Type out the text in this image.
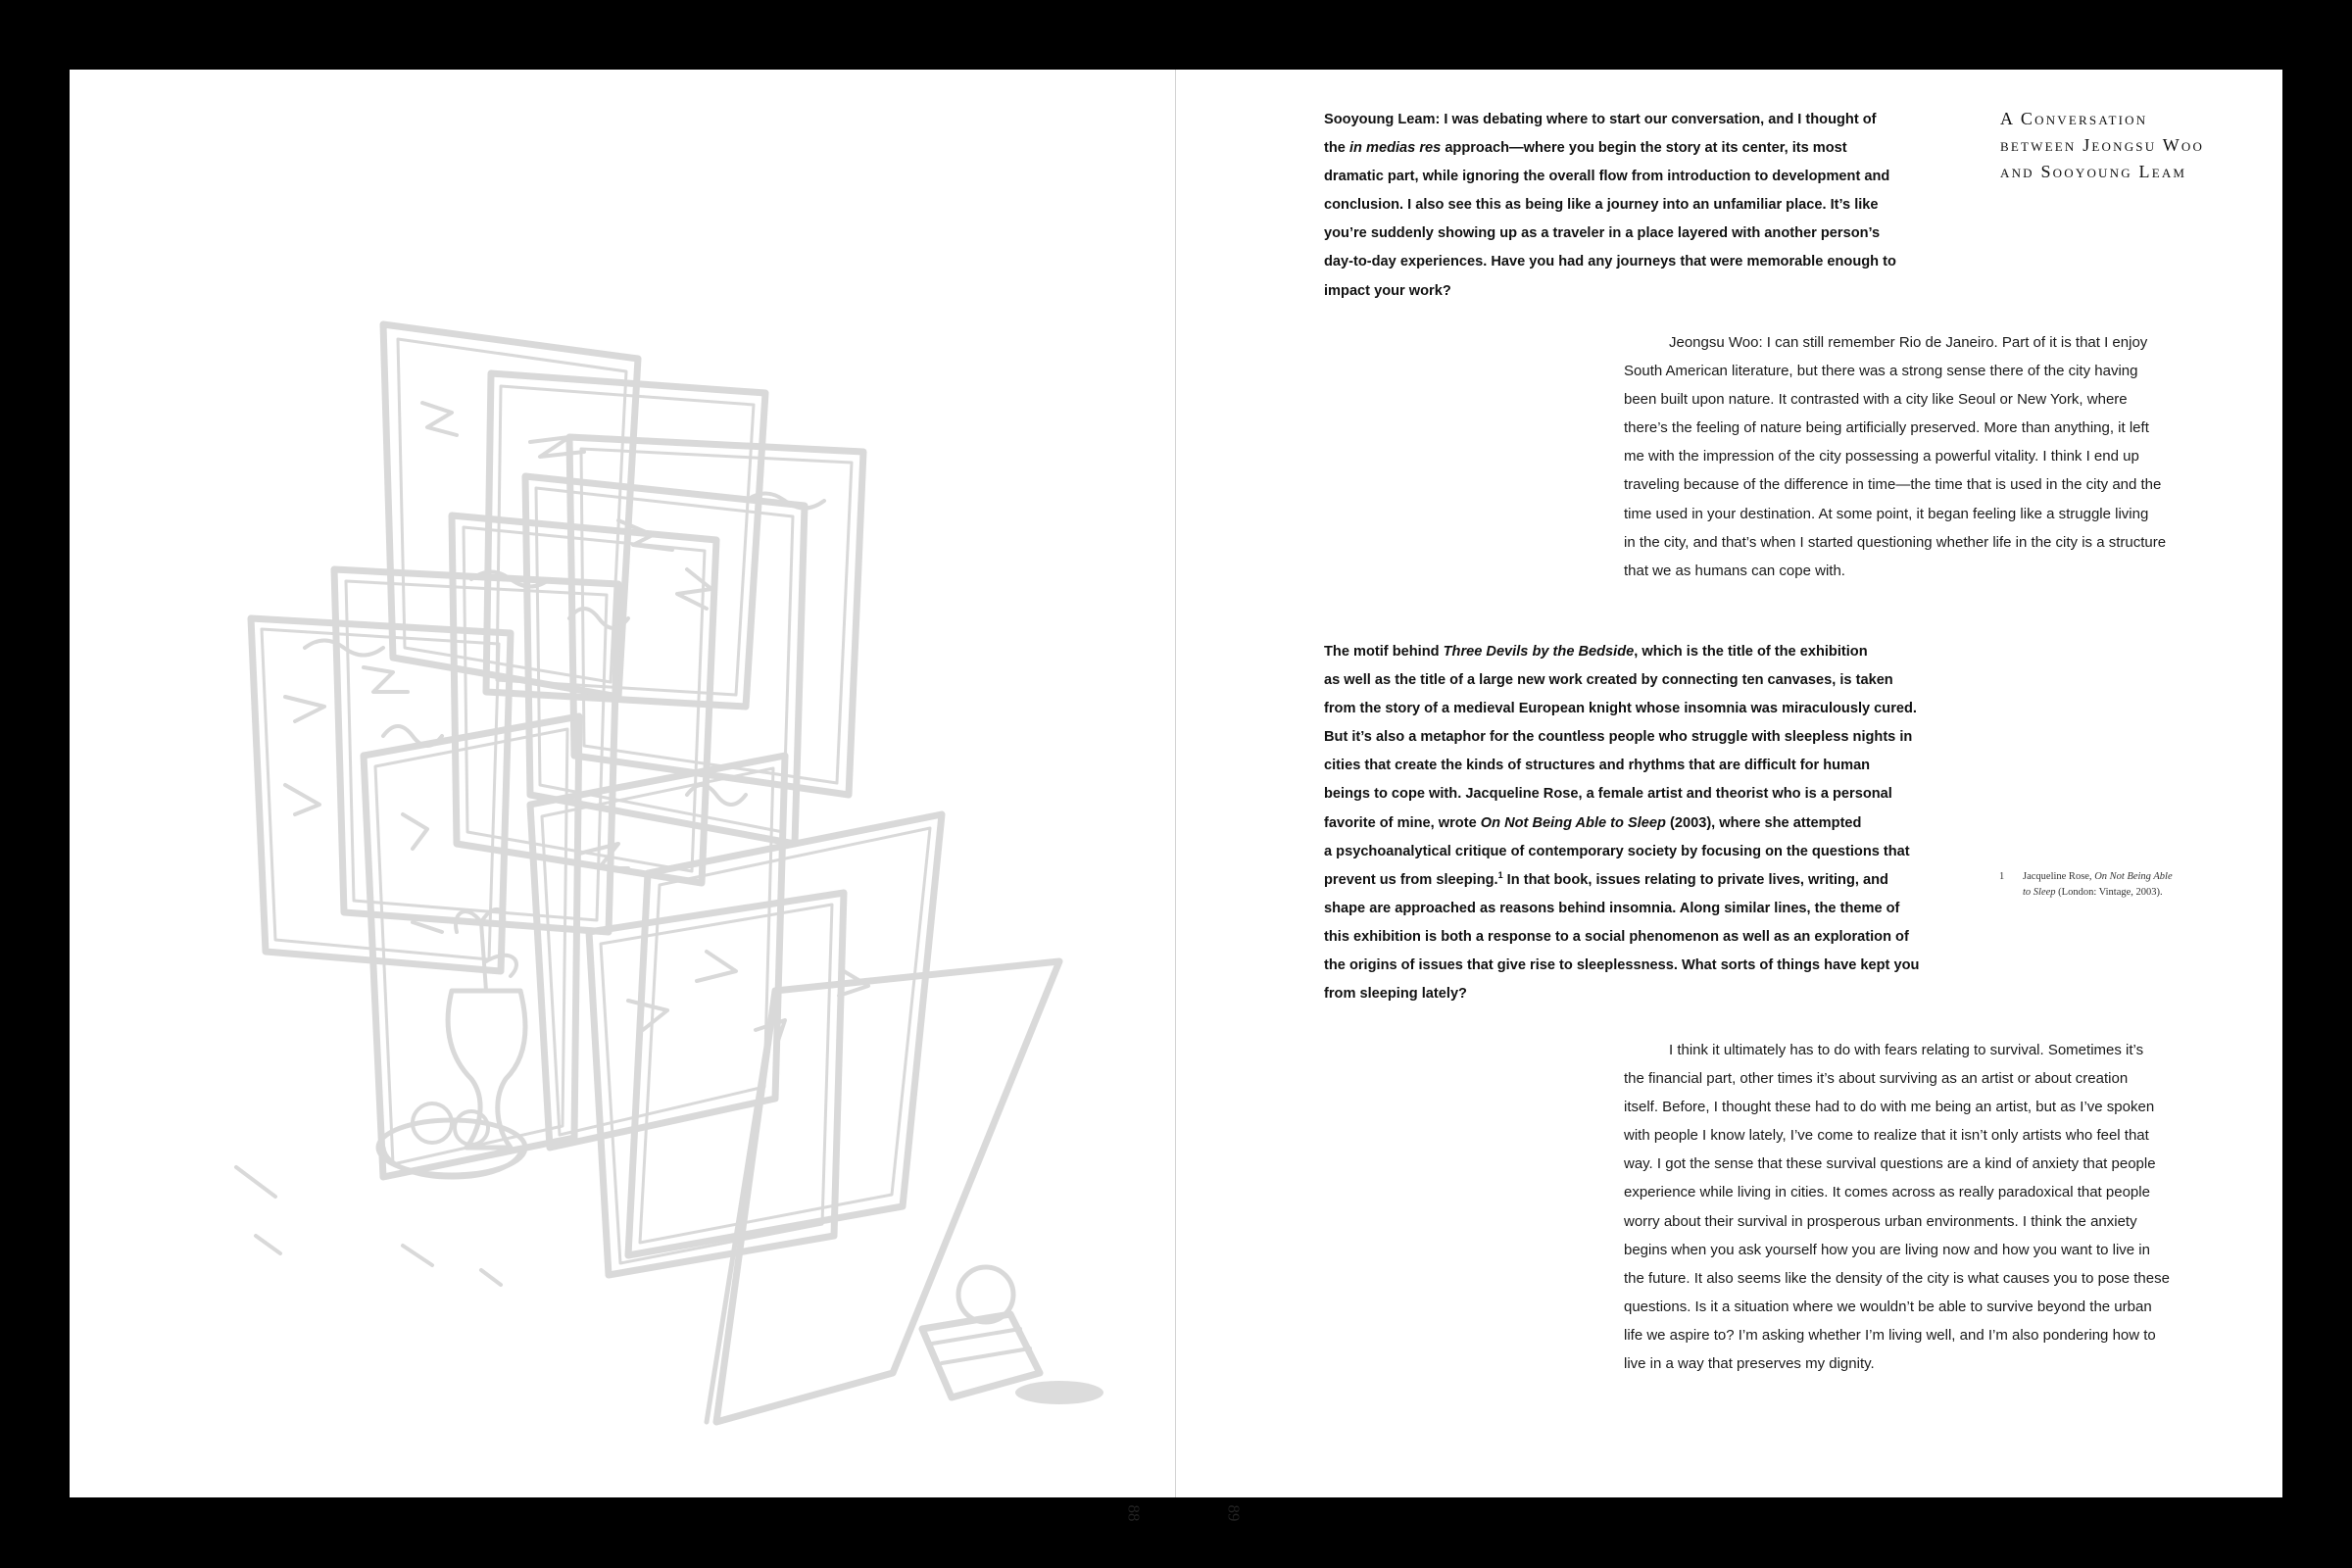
88	89
A Conversation
between Jeongsu Woo
and Sooyoung Leam
Sooyoung Leam: I was debating where to start our conversation, and I thought of
the in medias res approach—where you begin the story at its center, its most
dramatic part, while ignoring the overall flow from introduction to development and
conclusion. I also see this as being like a journey into an unfamiliar place. It’s like
you’re suddenly showing up as a traveler in a place layered with another person’s
day-to-day experiences. Have you had any journeys that were memorable enough to
impact your work?
Jeongsu Woo: I can still remember Rio de Janeiro. Part of it is that I enjoy
South American literature, but there was a strong sense there of the city having
been built upon nature. It contrasted with a city like Seoul or New York, where
there’s the feeling of nature being artificially preserved. More than anything, it left
me with the impression of the city possessing a powerful vitality. I think I end up
traveling because of the difference in time—the time that is used in the city and the
time used in your destination. At some point, it began feeling like a struggle living
in the city, and that’s when I started questioning whether life in the city is a structure
that we as humans can cope with.
The motif behind Three Devils by the Bedside, which is the title of the exhibition
as well as the title of a large new work created by connecting ten canvases, is taken
from the story of a medieval European knight whose insomnia was miraculously cured.
But it’s also a metaphor for the countless people who struggle with sleepless nights in
cities that create the kinds of structures and rhythms that are difficult for human
beings to cope with. Jacqueline Rose, a female artist and theorist who is a personal
favorite of mine, wrote On Not Being Able to Sleep (2003), where she attempted
a psychoanalytical critique of contemporary society by focusing on the questions that
prevent us from sleeping.$^1$ In that book, issues relating to private lives, writing, and
shape are approached as reasons behind insomnia. Along similar lines, the theme of
this exhibition is both a response to a social phenomenon as well as an exploration of
the origins of issues that give rise to sleeplessness. What sorts of things have kept you
from sleeping lately?
1 Jacqueline Rose, On Not Being Able
to Sleep (London: Vintage, 2003).
I think it ultimately has to do with fears relating to survival. Sometimes it’s
the financial part, other times it’s about surviving as an artist or about creation
itself. Before, I thought these had to do with me being an artist, but as I’ve spoken
with people I know lately, I’ve come to realize that it isn’t only artists who feel that
way. I got the sense that these survival questions are a kind of anxiety that people
experience while living in cities. It comes across as really paradoxical that people
worry about their survival in prosperous urban environments. I think the anxiety
begins when you ask yourself how you are living now and how you want to live in
the future. It also seems like the density of the city is what causes you to pose these
questions. Is it a situation where we wouldn’t be able to survive beyond the urban
life we aspire to? I’m asking whether I’m living well, and I’m also pondering how to
live in a way that preserves my dignity.
